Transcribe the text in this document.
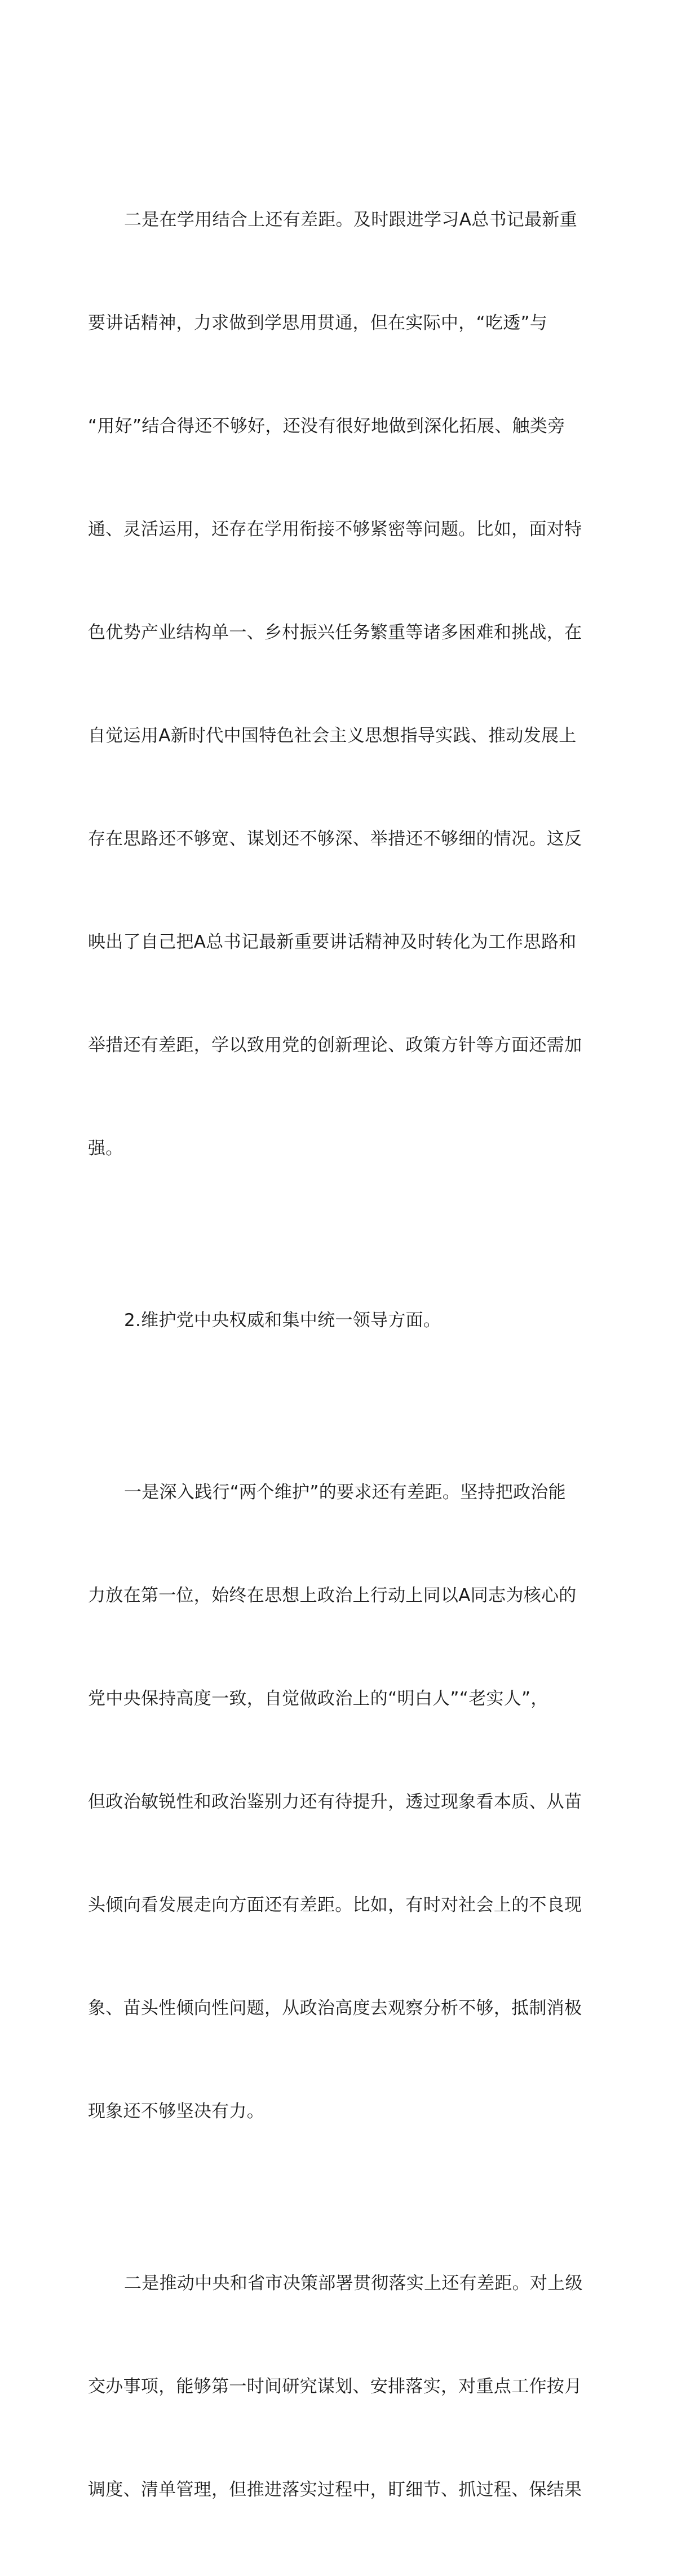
二是在学用结合上还有差距。及时跟进学习A总书记最新重

要讲话精神，力求做到学思用贯通，但在实际中，“吃透”与

“用好”结合得还不够好，还没有很好地做到深化拓展、触类旁

通、灵活运用，还存在学用衔接不够紧密等问题。比如，面对特

色优势产业结构单一、乡村振兴任务繁重等诸多困难和挑战，在

自觉运用A新时代中国特色社会主义思想指导实践、推动发展上

存在思路还不够宽、谋划还不够深、举措还不够细的情况。这反

映出了自己把A总书记最新重要讲话精神及时转化为工作思路和

举措还有差距，学以致用党的创新理论、政策方针等方面还需加

强。

2.维护党中央权威和集中统一领导方面。

一是深入践行“两个维护”的要求还有差距。坚持把政治能

力放在第一位，始终在思想上政治上行动上同以A同志为核心的

党中央保持高度一致，自觉做政治上的“明白人”“老实人”，

但政治敏锐性和政治鉴别力还有待提升，透过现象看本质、从苗

头倾向看发展走向方面还有差距。比如，有时对社会上的不良现

象、苗头性倾向性问题，从政治高度去观察分析不够，抵制消极

现象还不够坚决有力。

二是推动中央和省市决策部署贯彻落实上还有差距。对上级

交办事项，能够第一时间研究谋划、安排落实，对重点工作按月

调度、清单管理，但推进落实过程中，盯细节、抓过程、保结果
